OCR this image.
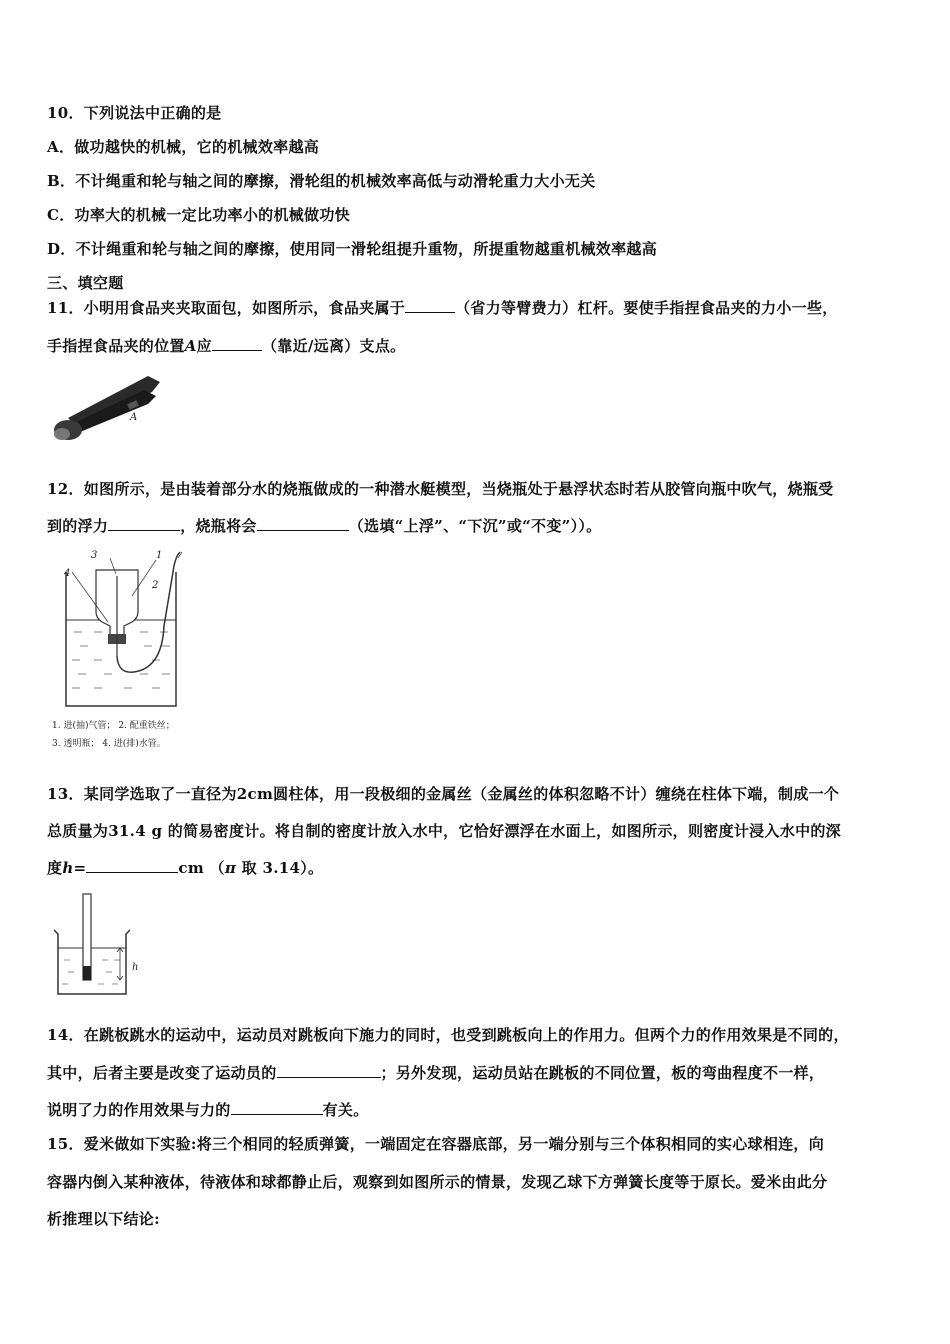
10．下列说法中正确的是
A．做功越快的机械，它的机械效率越高
B．不计绳重和轮与轴之间的摩擦，滑轮组的机械效率高低与动滑轮重力大小无关
C．功率大的机械一定比功率小的机械做功快
D．不计绳重和轮与轴之间的摩擦，使用同一滑轮组提升重物，所提重物越重机械效率越高
三、填空题
11．小明用食品夹夹取面包，如图所示，食品夹属于	（省力等臂费力）杠杆。要使手指捏食品夹的力小一些，
手指捏食品夹的位置A应	（靠近/远离）支点。
A
12．如图所示，是由装着部分水的烧瓶做成的一种潜水艇模型，当烧瓶处于悬浮状态时若从胶管向瓶中吹气，烧瓶受
到的浮力	，烧瓶将会	（选填“上浮”、“下沉”或“不变”））。
3	1
2
4
1. 进(抽)气管； 2. 配重铁丝；
3. 透明瓶； 4. 进(排)水管。
13．某同学选取了一直径为2cm圆柱体，用一段极细的金属丝（金属丝的体积忽略不计）缠绕在柱体下端，制成一个
总质量为31.4 g 的简易密度计。将自制的密度计放入水中，它恰好漂浮在水面上，如图所示，则密度计浸入水中的深
度h=	cm （π 取 3.14）。
h
14．在跳板跳水的运动中，运动员对跳板向下施力的同时，也受到跳板向上的作用力。但两个力的作用效果是不同的，
其中，后者主要是改变了运动员的	；另外发现，运动员站在跳板的不同位置，板的弯曲程度不一样，
说明了力的作用效果与力的	有关。
15．爱米做如下实验:将三个相同的轻质弹簧，一端固定在容器底部，另一端分别与三个体积相同的实心球相连，向
容器内倒入某种液体，待液体和球都静止后，观察到如图所示的情景，发现乙球下方弹簧长度等于原长。爱米由此分
析推理以下结论:
